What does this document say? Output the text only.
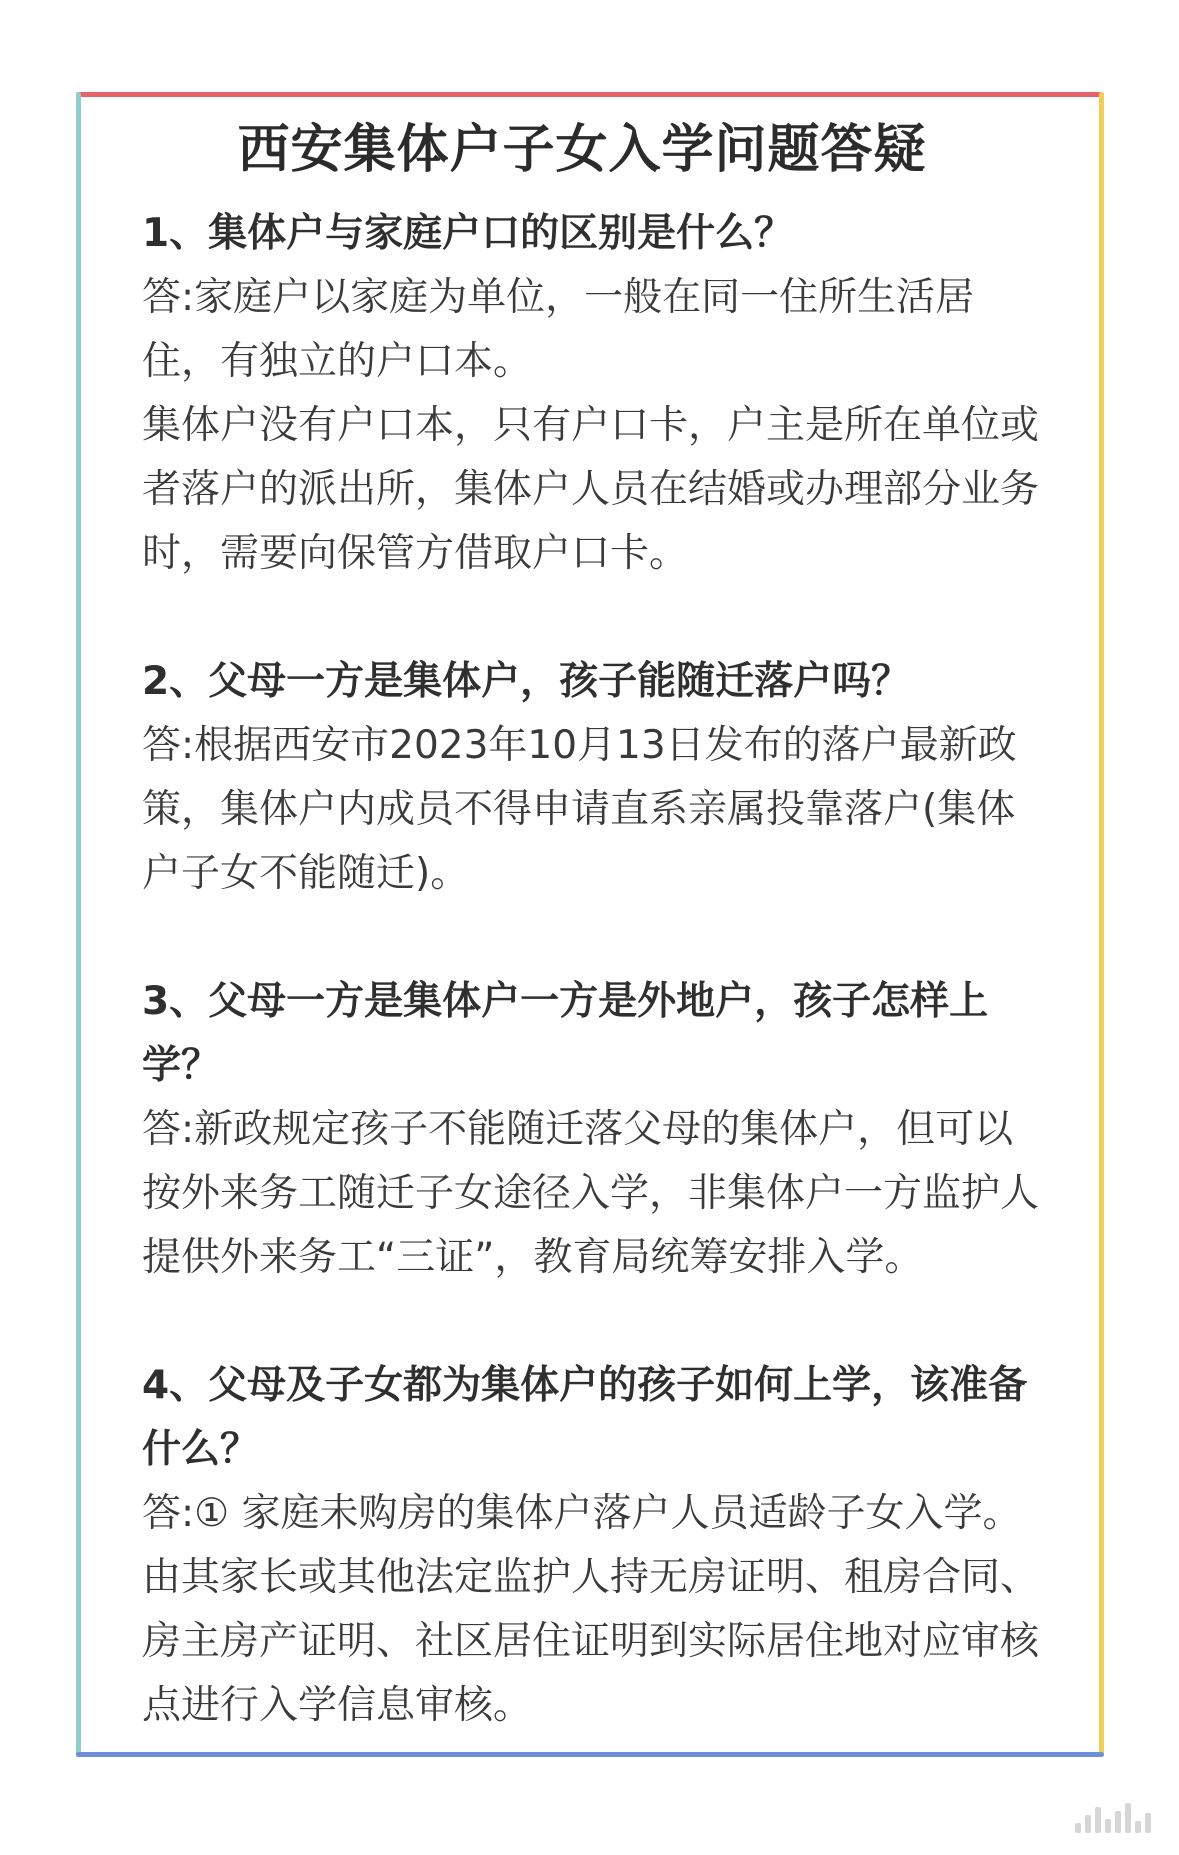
西安集体户子女入学问题答疑

1、集体户与家庭户口的区别是什么？

答:家庭户以家庭为单位，一般在同一住所生活居住，有独立的户口本。

集体户没有户口本，只有户口卡，户主是所在单位或者落户的派出所，集体户人员在结婚或办理部分业务时，需要向保管方借取户口卡。

2、父母一方是集体户，孩子能随迁落户吗？

答:根据西安市2023年10月13日发布的落户最新政策，集体户内成员不得申请直系亲属投靠落户(集体户子女不能随迁)。

3、父母一方是集体户一方是外地户，孩子怎样上学？

答:新政规定孩子不能随迁落父母的集体户，但可以按外来务工随迁子女途径入学，非集体户一方监护人提供外来务工“三证”，教育局统筹安排入学。

4、父母及子女都为集体户的孩子如何上学，该准备什么？

答:① 家庭未购房的集体户落户人员适龄子女入学。由其家长或其他法定监护人持无房证明、租房合同、房主房产证明、社区居住证明到实际居住地对应审核点进行入学信息审核。
